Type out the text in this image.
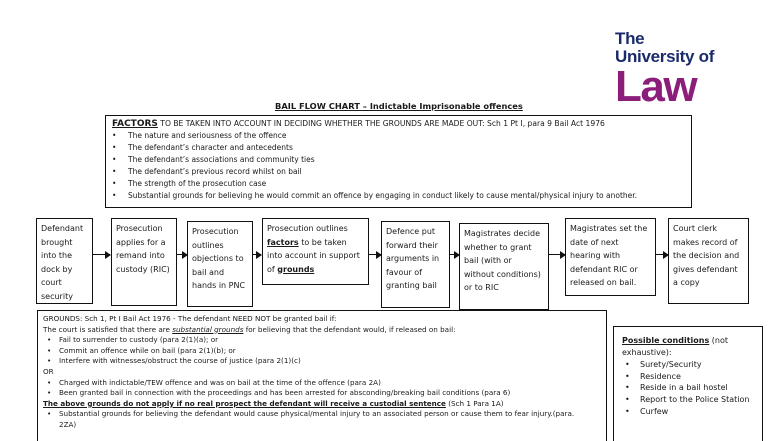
The
University of
Law
BAIL FLOW CHART – Indictable Imprisonable offences
FACTORS TO BE TAKEN INTO ACCOUNT IN DECIDING WHETHER THE GROUNDS ARE MADE OUT: Sch 1 Pt I, para 9 Bail Act 1976
• The nature and seriousness of the offence
• The defendant’s character and antecedents
• The defendant’s associations and community ties
• The defendant’s previous record whilst on bail
• The strength of the prosecution case
• Substantial grounds for believing he would commit an offence by engaging in conduct likely to cause mental/physical injury to another.
Defendant brought into the dock by court security
Prosecution applies for a remand into custody (RIC)
Prosecution outlines objections to bail and hands in PNC
Prosecution outlines factors to be taken into account in support of grounds
Defence put forward their arguments in favour of granting bail
Magistrates decide whether to grant bail (with or without conditions) or to RIC
Magistrates set the date of next hearing with defendant RIC or released on bail.
Court clerk makes record of the decision and gives defendant a copy

GROUNDS: Sch 1, Pt I Bail Act 1976 - The defendant NEED NOT be granted bail if:

The court is satisfied that there are substantial grounds for believing that the defendant would, if released on bail:

• Fail to surrender to custody (para 2(1)(a); or

• Commit an offence while on bail (para 2(1)(b); or

• Interfere with witnesses/obstruct the course of justice (para 2(1)(c)

OR

• Charged with indictable/TEW offence and was on bail at the time of the offence (para 2A)

• Been granted bail in connection with the proceedings and has been arrested for absconding/breaking bail conditions (para 6)

The above grounds do not apply if no real prospect the defendant will receive a custodial sentence (Sch 1 Para 1A)

• Substantial grounds for believing the defendant would cause physical/mental injury to an associated person or cause them to fear injury.(para.

2ZA)

Possible conditions (not exhaustive):
• Surety/Security
• Residence
• Reside in a bail hostel
• Report to the Police Station
• Curfew
